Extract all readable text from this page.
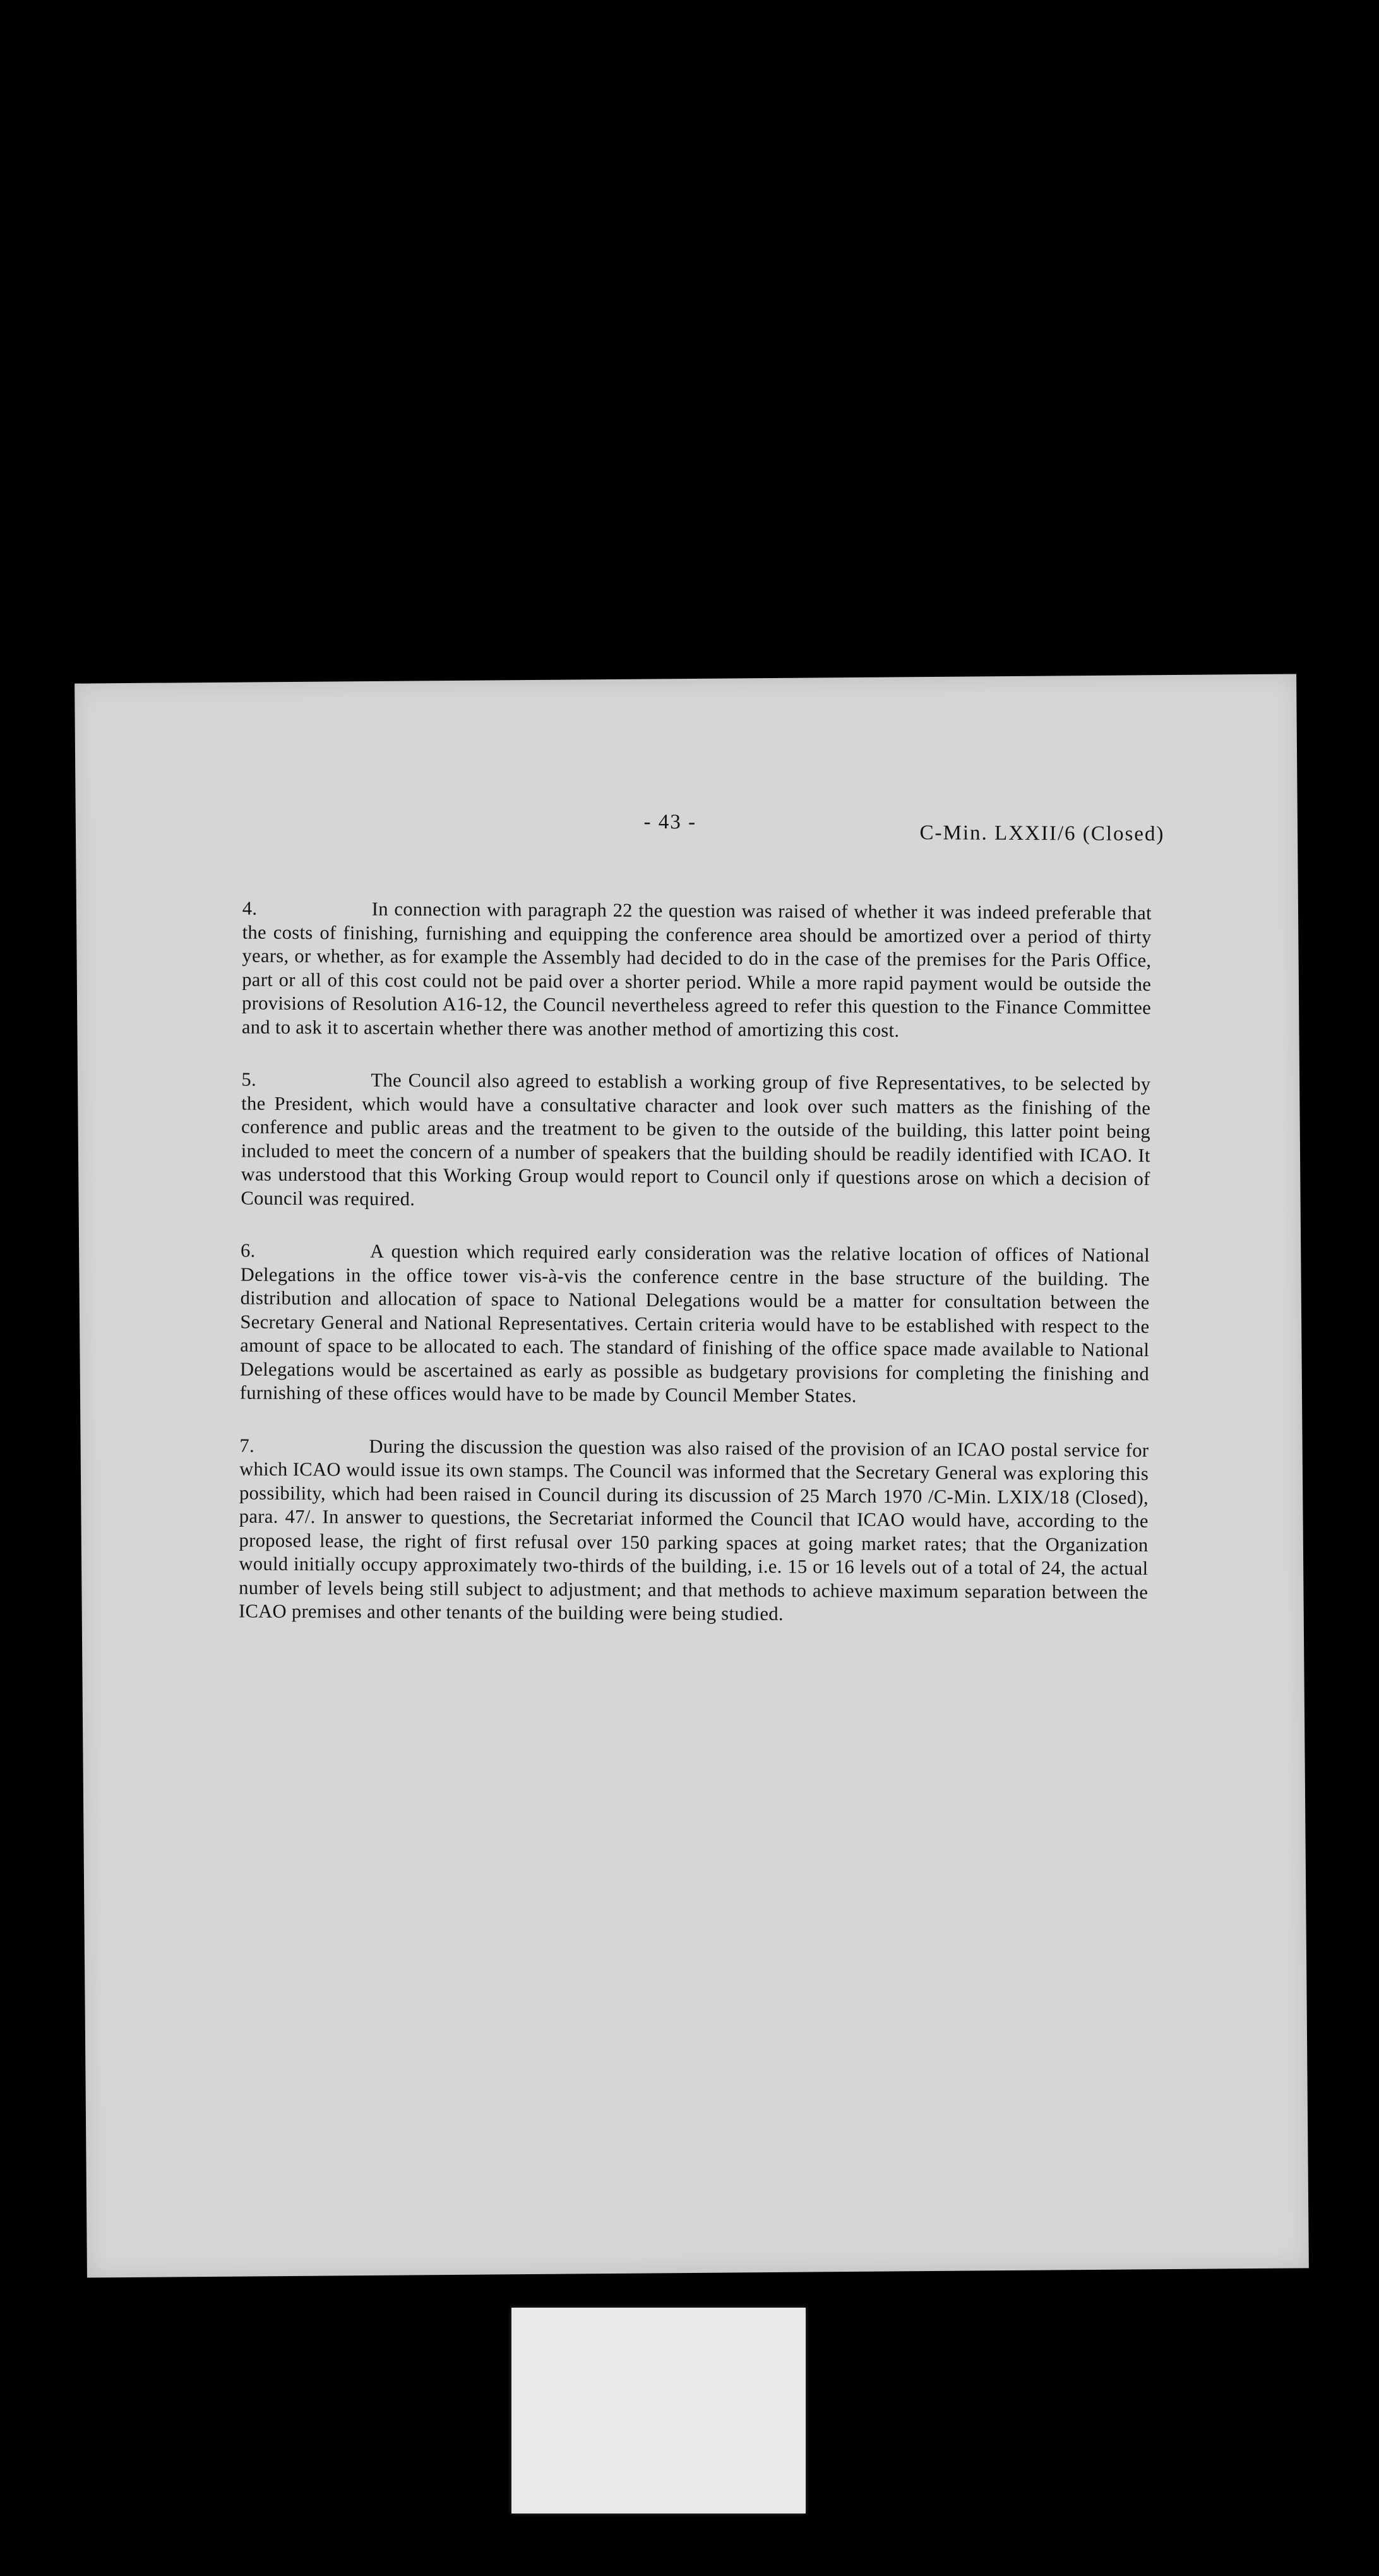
- 43 -	C-Min. LXXII/6 (Closed)

4.	In connection with paragraph 22 the question was raised of whether it was indeed preferable that the costs of finishing, furnishing and equipping the conference area should be amortized over a period of thirty years, or whether, as for example the Assembly had decided to do in the case of the premises for the Paris Office, part or all of this cost could not be paid over a shorter period. While a more rapid payment would be outside the provisions of Resolution A16-12, the Council nevertheless agreed to refer this question to the Finance Committee and to ask it to ascertain whether there was another method of amortizing this cost.

5.	The Council also agreed to establish a working group of five Representatives, to be selected by the President, which would have a consultative character and look over such matters as the finishing of the conference and public areas and the treatment to be given to the outside of the building, this latter point being included to meet the concern of a number of speakers that the building should be readily identified with ICAO. It was understood that this Working Group would report to Council only if questions arose on which a decision of Council was required.

6.	A question which required early consideration was the relative location of offices of National Delegations in the office tower vis-à-vis the conference centre in the base structure of the building. The distribution and allocation of space to National Delegations would be a matter for consultation between the Secretary General and National Representatives. Certain criteria would have to be established with respect to the amount of space to be allocated to each. The standard of finishing of the office space made available to National Delegations would be ascertained as early as possible as budgetary provisions for completing the finishing and furnishing of these offices would have to be made by Council Member States.

7.	During the discussion the question was also raised of the provision of an ICAO postal service for which ICAO would issue its own stamps. The Council was informed that the Secretary General was exploring this possibility, which had been raised in Council during its discussion of 25 March 1970 /C-Min. LXIX/18 (Closed), para. 47/. In answer to questions, the Secretariat informed the Council that ICAO would have, according to the proposed lease, the right of first refusal over 150 parking spaces at going market rates; that the Organization would initially occupy approximately two-thirds of the building, i.e. 15 or 16 levels out of a total of 24, the actual number of levels being still subject to adjustment; and that methods to achieve maximum separation between the ICAO premises and other tenants of the building were being studied.
